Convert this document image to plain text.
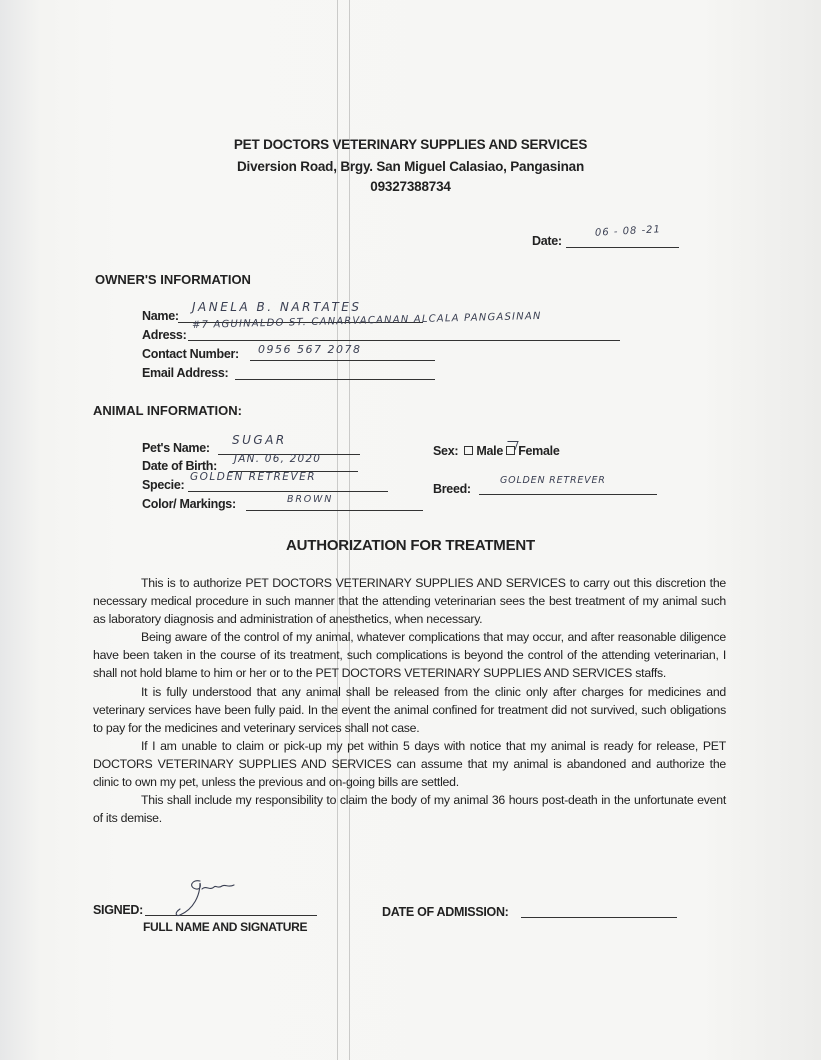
PET DOCTORS VETERINARY SUPPLIES AND SERVICES
Diversion Road, Brgy. San Miguel Calasiao, Pangasinan
09327388734
Date:
06 - 08 -21
OWNER'S INFORMATION
Name:
JANELA B. NARTATES
Adress:
#7 AGUINALDO ST. CANARVACANAN ALCALA PANGASINAN
Contact Number: 0956 567 2078
Email Address:
ANIMAL INFORMATION:
Pet's Name:
SUGAR
Date of Birth: JAN. 06, 2020
Specie:
GOLDEN RETREVER
Color/ Markings:	BROWN
Sex: Male Female
Breed:
GOLDEN RETREVER
AUTHORIZATION FOR TREATMENT

This is to authorize PET DOCTORS VETERINARY SUPPLIES AND SERVICES to carry out this discretion the necessary medical procedure in such manner that the attending veterinarian sees the best treatment of my animal such as laboratory diagnosis and administration of anesthetics, when necessary.

Being aware of the control of my animal, whatever complications that may occur, and after reasonable diligence have been taken in the course of its treatment, such complications is beyond the control of the attending veterinarian, I shall not hold blame to him or her or to the PET DOCTORS VETERINARY SUPPLIES AND SERVICES staffs.

It is fully understood that any animal shall be released from the clinic only after charges for medicines and veterinary services have been fully paid. In the event the animal confined for treatment did not survived, such obligations to pay for the medicines and veterinary services shall not case.

If I am unable to claim or pick-up my pet within 5 days with notice that my animal is ready for release, PET DOCTORS VETERINARY SUPPLIES AND SERVICES can assume that my animal is abandoned and authorize the clinic to own my pet, unless the previous and on-going bills are settled.

This shall include my responsibility to claim the body of my animal 36 hours post-death in the unfortunate event of its demise.

SIGNED:
FULL NAME AND SIGNATURE
DATE OF ADMISSION:
